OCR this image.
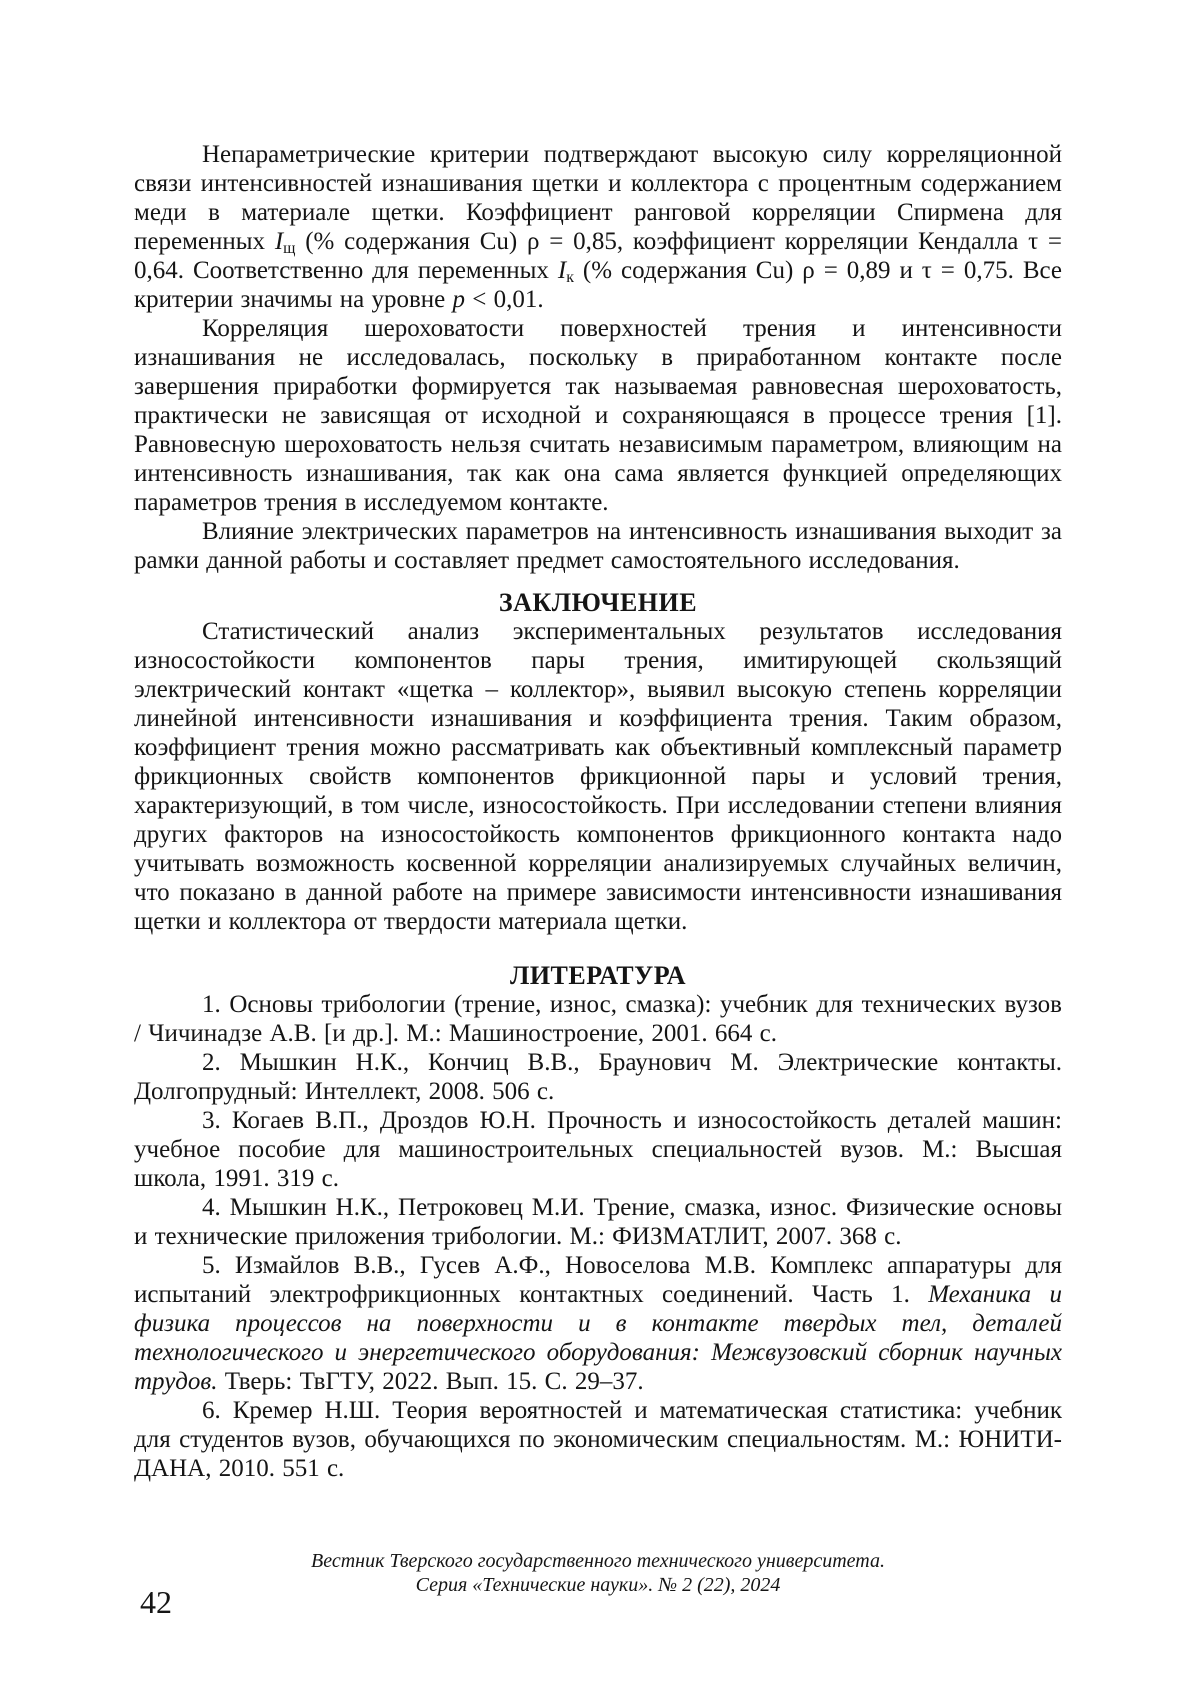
Непараметрические критерии подтверждают высокую силу корреляционной связи интенсивностей изнашивания щетки и коллектора с процентным содержанием меди в материале щетки. Коэффициент ранговой корреляции Спирмена для переменных $I_щ$ (% содержания Cu) ρ = 0,85, коэффициент корреляции Кендалла τ = 0,64. Соответственно для переменных $I_к$ (% содержания Cu) ρ = 0,89 и τ = 0,75. Все критерии значимы на уровне p < 0,01.

Корреляция шероховатости поверхностей трения и интенсивности изнашивания не исследовалась, поскольку в приработанном контакте после завершения приработки формируется так называемая равновесная шероховатость, практически не зависящая от исходной и сохраняющаяся в процессе трения [1]. Равновесную шероховатость нельзя считать независимым параметром, влияющим на интенсивность изнашивания, так как она сама является функцией определяющих параметров трения в исследуемом контакте.

Влияние электрических параметров на интенсивность изнашивания выходит за рамки данной работы и составляет предмет самостоятельного исследования.

ЗАКЛЮЧЕНИЕ

Статистический анализ экспериментальных результатов исследования износостойкости компонентов пары трения, имитирующей скользящий электрический контакт «щетка – коллектор», выявил высокую степень корреляции линейной интенсивности изнашивания и коэффициента трения. Таким образом, коэффициент трения можно рассматривать как объективный комплексный параметр фрикционных свойств компонентов фрикционной пары и условий трения, характеризующий, в том числе, износостойкость. При исследовании степени влияния других факторов на износостойкость компонентов фрикционного контакта надо учитывать возможность косвенной корреляции анализируемых случайных величин, что показано в данной работе на примере зависимости интенсивности изнашивания щетки и коллектора от твердости материала щетки.

ЛИТЕРАТУРА

1. Основы трибологии (трение, износ, смазка): учебник для технических вузов / Чичинадзе А.В. [и др.]. М.: Машиностроение, 2001. 664 с.

2. Мышкин Н.К., Кончиц В.В., Браунович М. Электрические контакты. Долгопрудный: Интеллект, 2008. 506 с.

3. Когаев В.П., Дроздов Ю.Н. Прочность и износостойкость деталей машин: учебное пособие для машиностроительных специальностей вузов. М.: Высшая школа, 1991. 319 с.

4. Мышкин Н.К., Петроковец М.И. Трение, смазка, износ. Физические основы и технические приложения трибологии. М.: ФИЗМАТЛИТ, 2007. 368 с.

5. Измайлов В.В., Гусев А.Ф., Новоселова М.В. Комплекс аппаратуры для испытаний электрофрикционных контактных соединений. Часть 1. Механика и физика процессов на поверхности и в контакте твердых тел, деталей технологического и энергетического оборудования: Межвузовский сборник научных трудов. Тверь: ТвГТУ, 2022. Вып. 15. С. 29–37.

6. Кремер Н.Ш. Теория вероятностей и математическая статистика: учебник для студентов вузов, обучающихся по экономическим специальностям. М.: ЮНИТИ-ДАНА, 2010. 551 с.

Вестник Тверского государственного технического университета.
Серия «Технические науки». № 2 (22), 2024
42
